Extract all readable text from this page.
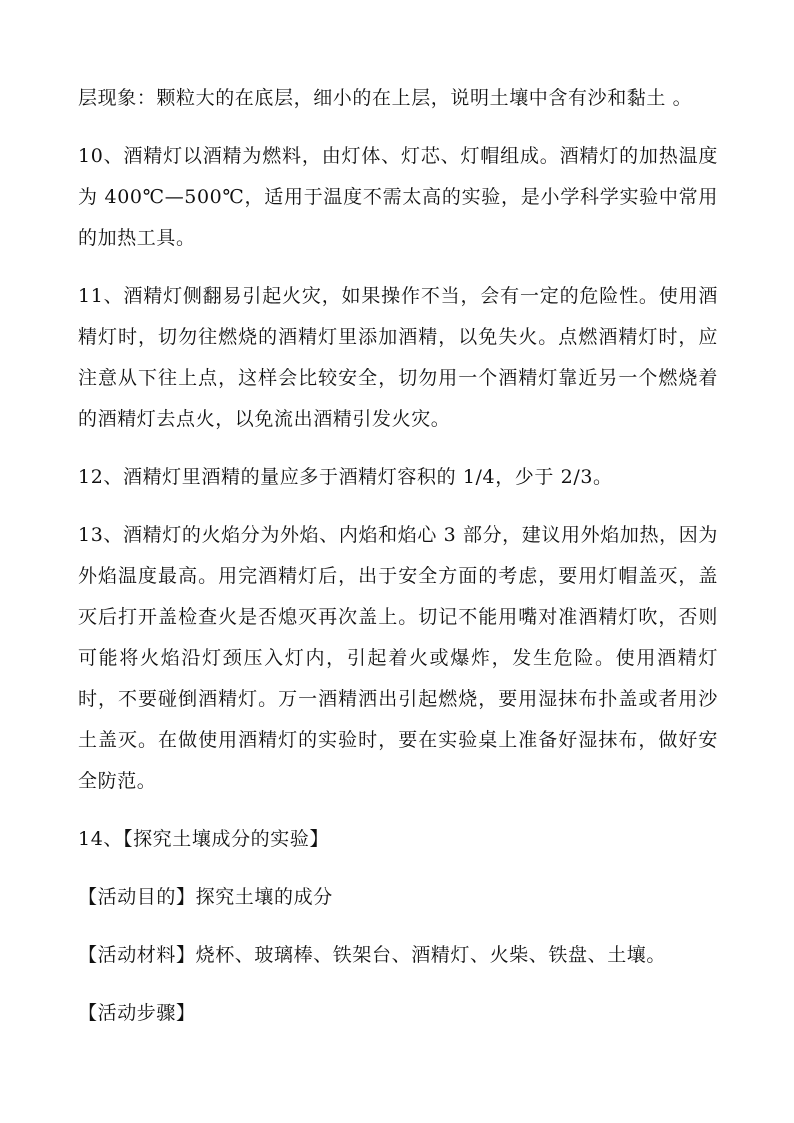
层现象：颗粒大的在底层，细小的在上层，说明土壤中含有沙和黏土 。

10、酒精灯以酒精为燃料，由灯体、灯芯、灯帽组成。酒精灯的加热温度为 400℃—500℃，适用于温度不需太高的实验，是小学科学实验中常用的加热工具。

11、酒精灯侧翻易引起火灾，如果操作不当，会有一定的危险性。使用酒精灯时，切勿往燃烧的酒精灯里添加酒精，以免失火。点燃酒精灯时，应注意从下往上点，这样会比较安全，切勿用一个酒精灯靠近另一个燃烧着的酒精灯去点火，以免流出酒精引发火灾。

12、酒精灯里酒精的量应多于酒精灯容积的 1/4，少于 2/3。

13、酒精灯的火焰分为外焰、内焰和焰心 3 部分，建议用外焰加热，因为外焰温度最高。用完酒精灯后，出于安全方面的考虑，要用灯帽盖灭，盖灭后打开盖检查火是否熄灭再次盖上。切记不能用嘴对准酒精灯吹，否则可能将火焰沿灯颈压入灯内，引起着火或爆炸，发生危险。使用酒精灯时，不要碰倒酒精灯。万一酒精洒出引起燃烧，要用湿抹布扑盖或者用沙土盖灭。在做使用酒精灯的实验时，要在实验桌上准备好湿抹布，做好安全防范。

14、【探究土壤成分的实验】

【活动目的】探究土壤的成分

【活动材料】烧杯、玻璃棒、铁架台、酒精灯、火柴、铁盘、土壤。

【活动步骤】
